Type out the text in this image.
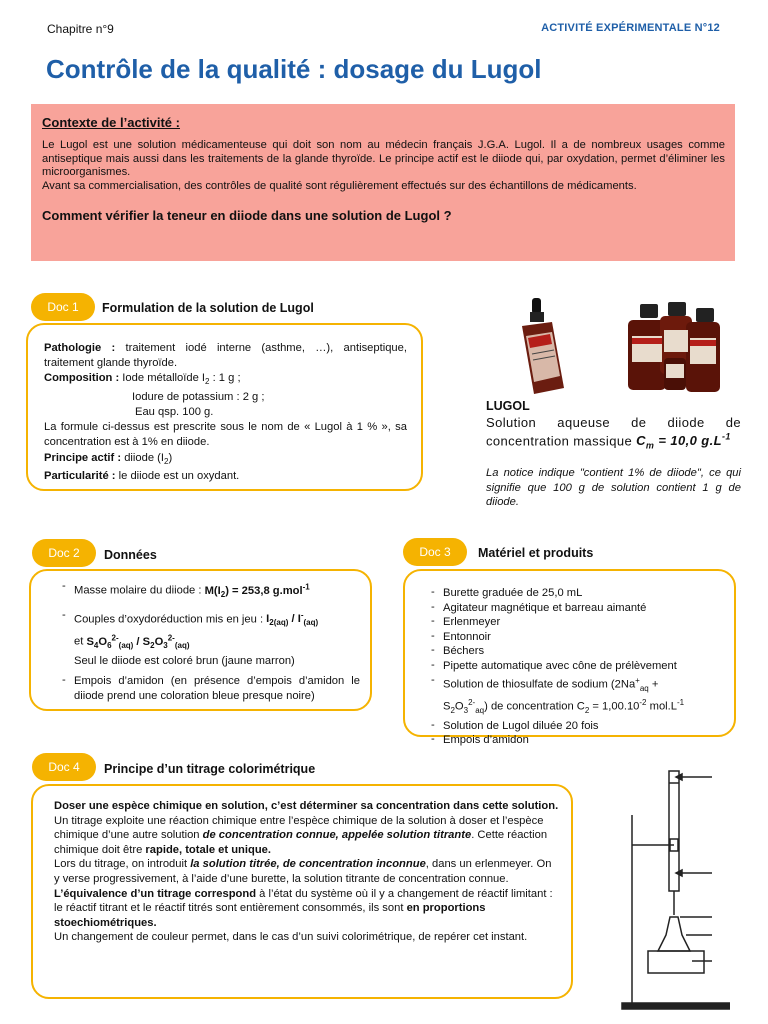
Chapitre n°9	ACTIVITÉ EXPÉRIMENTALE N°12
Contrôle de la qualité : dosage du Lugol
Contexte de l’activité :

Le Lugol est une solution médicamenteuse qui doit son nom au médecin français J.G.A. Lugol. Il a de nombreux usages comme antiseptique mais aussi dans les traitements de la glande thyroïde. Le principe actif est le diiode qui, par oxydation, permet d’éliminer les microorganismes.

Avant sa commercialisation, des contrôles de qualité sont régulièrement effectués sur des échantillons de médicaments.

Comment vérifier la teneur en diiode dans une solution de Lugol ?
Doc 1	Formulation de la solution de Lugol

Pathologie : traitement iodé interne (asthme, …), antiseptique, traitement glande thyroïde.

Composition : Iode métalloïde $I_2$ : 1 g ;

Iodure de potassium : 2 g ;

Eau qsp. 100 g.

La formule ci-dessus est prescrite sous le nom de « Lugol à 1 % », sa concentration est à 1% en diiode.

Principe actif : diiode $(I_2)$

Particularité : le diiode est un oxydant.

LUGOL
Solution aqueuse de diiode de concentration massique $C_m = 10,0$ $g.L^{-1}$
La notice indique "contient 1% de diiode", ce qui signifie que 100 g de solution contient 1 g de diiode.
Doc 2	Données
- Masse molaire du diiode : $M(I_2) = 253,8$ g.mol$^{-1}$
- Couples d’oxydoréduction mis en jeu : $I_{2(aq)} / I^-_{(aq)}$
et $S_4O_6^{2-}_{(aq)} / S_2O_3^{2-}_{(aq)}$
Seul le diiode est coloré brun (jaune marron)
- Empois d’amidon (en présence d’empois d’amidon le diiode prend une coloration bleue presque noire)
Doc 3	Matériel et produits
- Burette graduée de 25,0 mL
- Agitateur magnétique et barreau aimanté
- Erlenmeyer
- Entonnoir
- Béchers
- Pipette automatique avec cône de prélèvement
- Solution de thiosulfate de sodium ($2Na^+_{aq}$ +
$S_2O_3^{2-}_{aq}$) de concentration $C_2 = 1,00.10^{-2}$ $mol.L^{-1}$
- Solution de Lugol diluée 20 fois
- Empois d’amidon
Doc 4	Principe d’un titrage colorimétrique

Doser une espèce chimique en solution, c’est déterminer sa concentration dans cette solution.

Un titrage exploite une réaction chimique entre l’espèce chimique de la solution à doser et l’espèce chimique d’une autre solution de concentration connue, appelée solution titrante. Cette réaction chimique doit être rapide, totale et unique.

Lors du titrage, on introduit la solution titrée, de concentration inconnue, dans un erlenmeyer. On y verse progressivement, à l’aide d’une burette, la solution titrante de concentration connue.

L’équivalence d’un titrage correspond à l’état du système où il y a changement de réactif limitant : le réactif titrant et le réactif titrés sont entièrement consommés, ils sont en proportions stoechiométriques.

Un changement de couleur permet, dans le cas d’un suivi colorimétrique, de repérer cet instant.
